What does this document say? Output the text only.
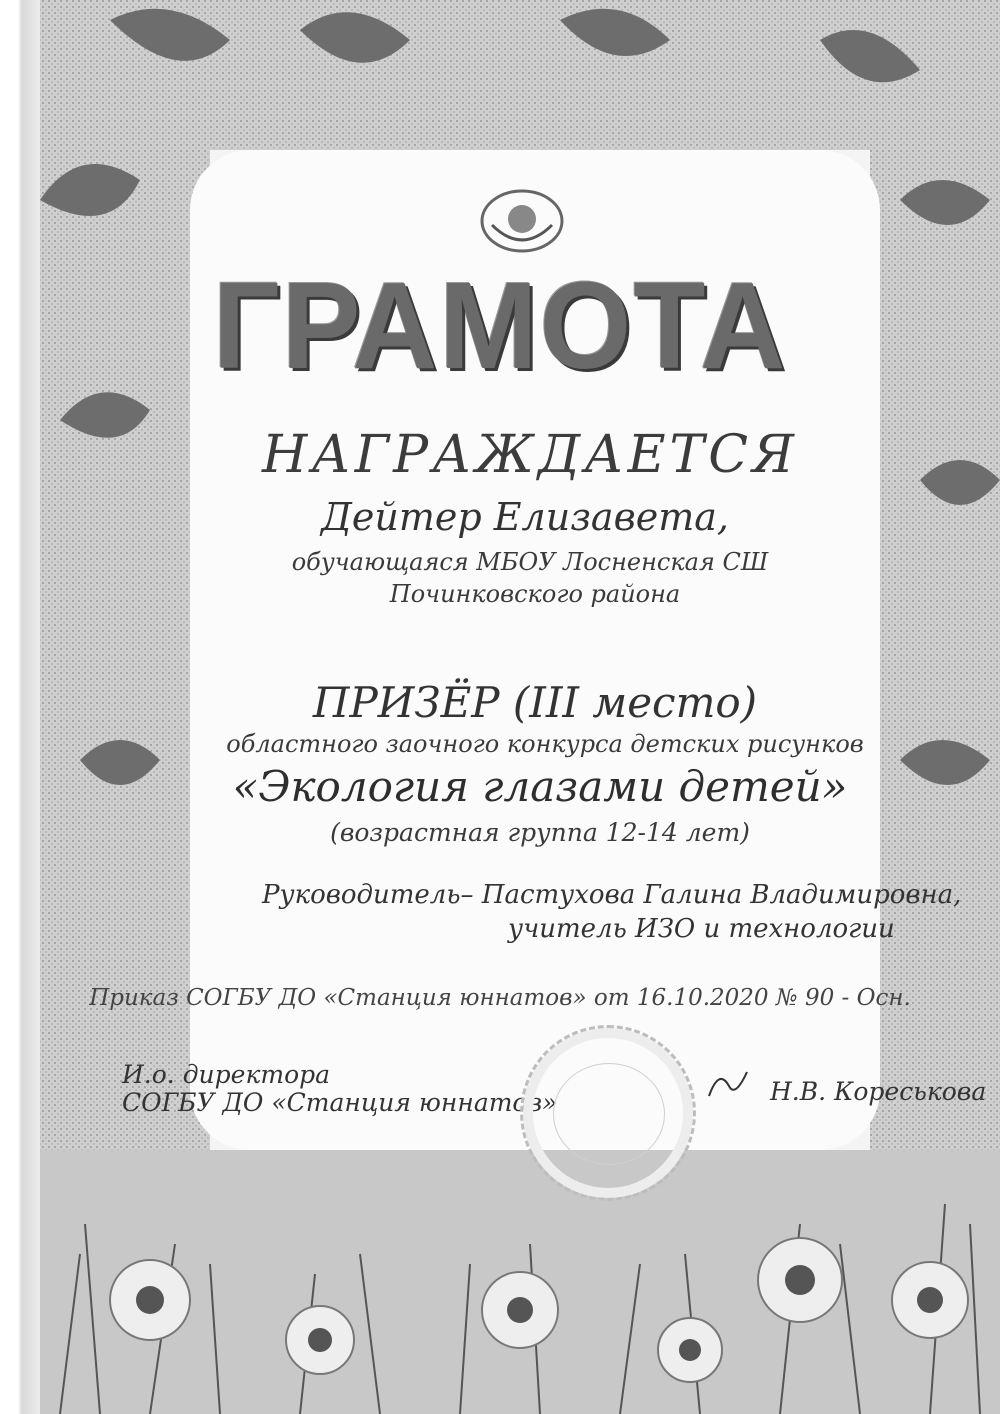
ГРАМОТА
НАГРАЖДАЕТСЯ
Дейтер Елизавета,
обучающаяся МБОУ Лосненская СШ
Починковского района
ПРИЗЁР (III место)
областного заочного конкурса детских рисунков
«Экология глазами детей»
(возрастная группа 12-14 лет)
Руководитель– Пастухова Галина Владимировна,
учитель ИЗО и технологии
Приказ СОГБУ ДО «Станция юннатов» от 16.10.2020 № 90 - Осн.
И.о. директора
СОГБУ ДО «Станция юннатов»	Н.В. Кореськова
